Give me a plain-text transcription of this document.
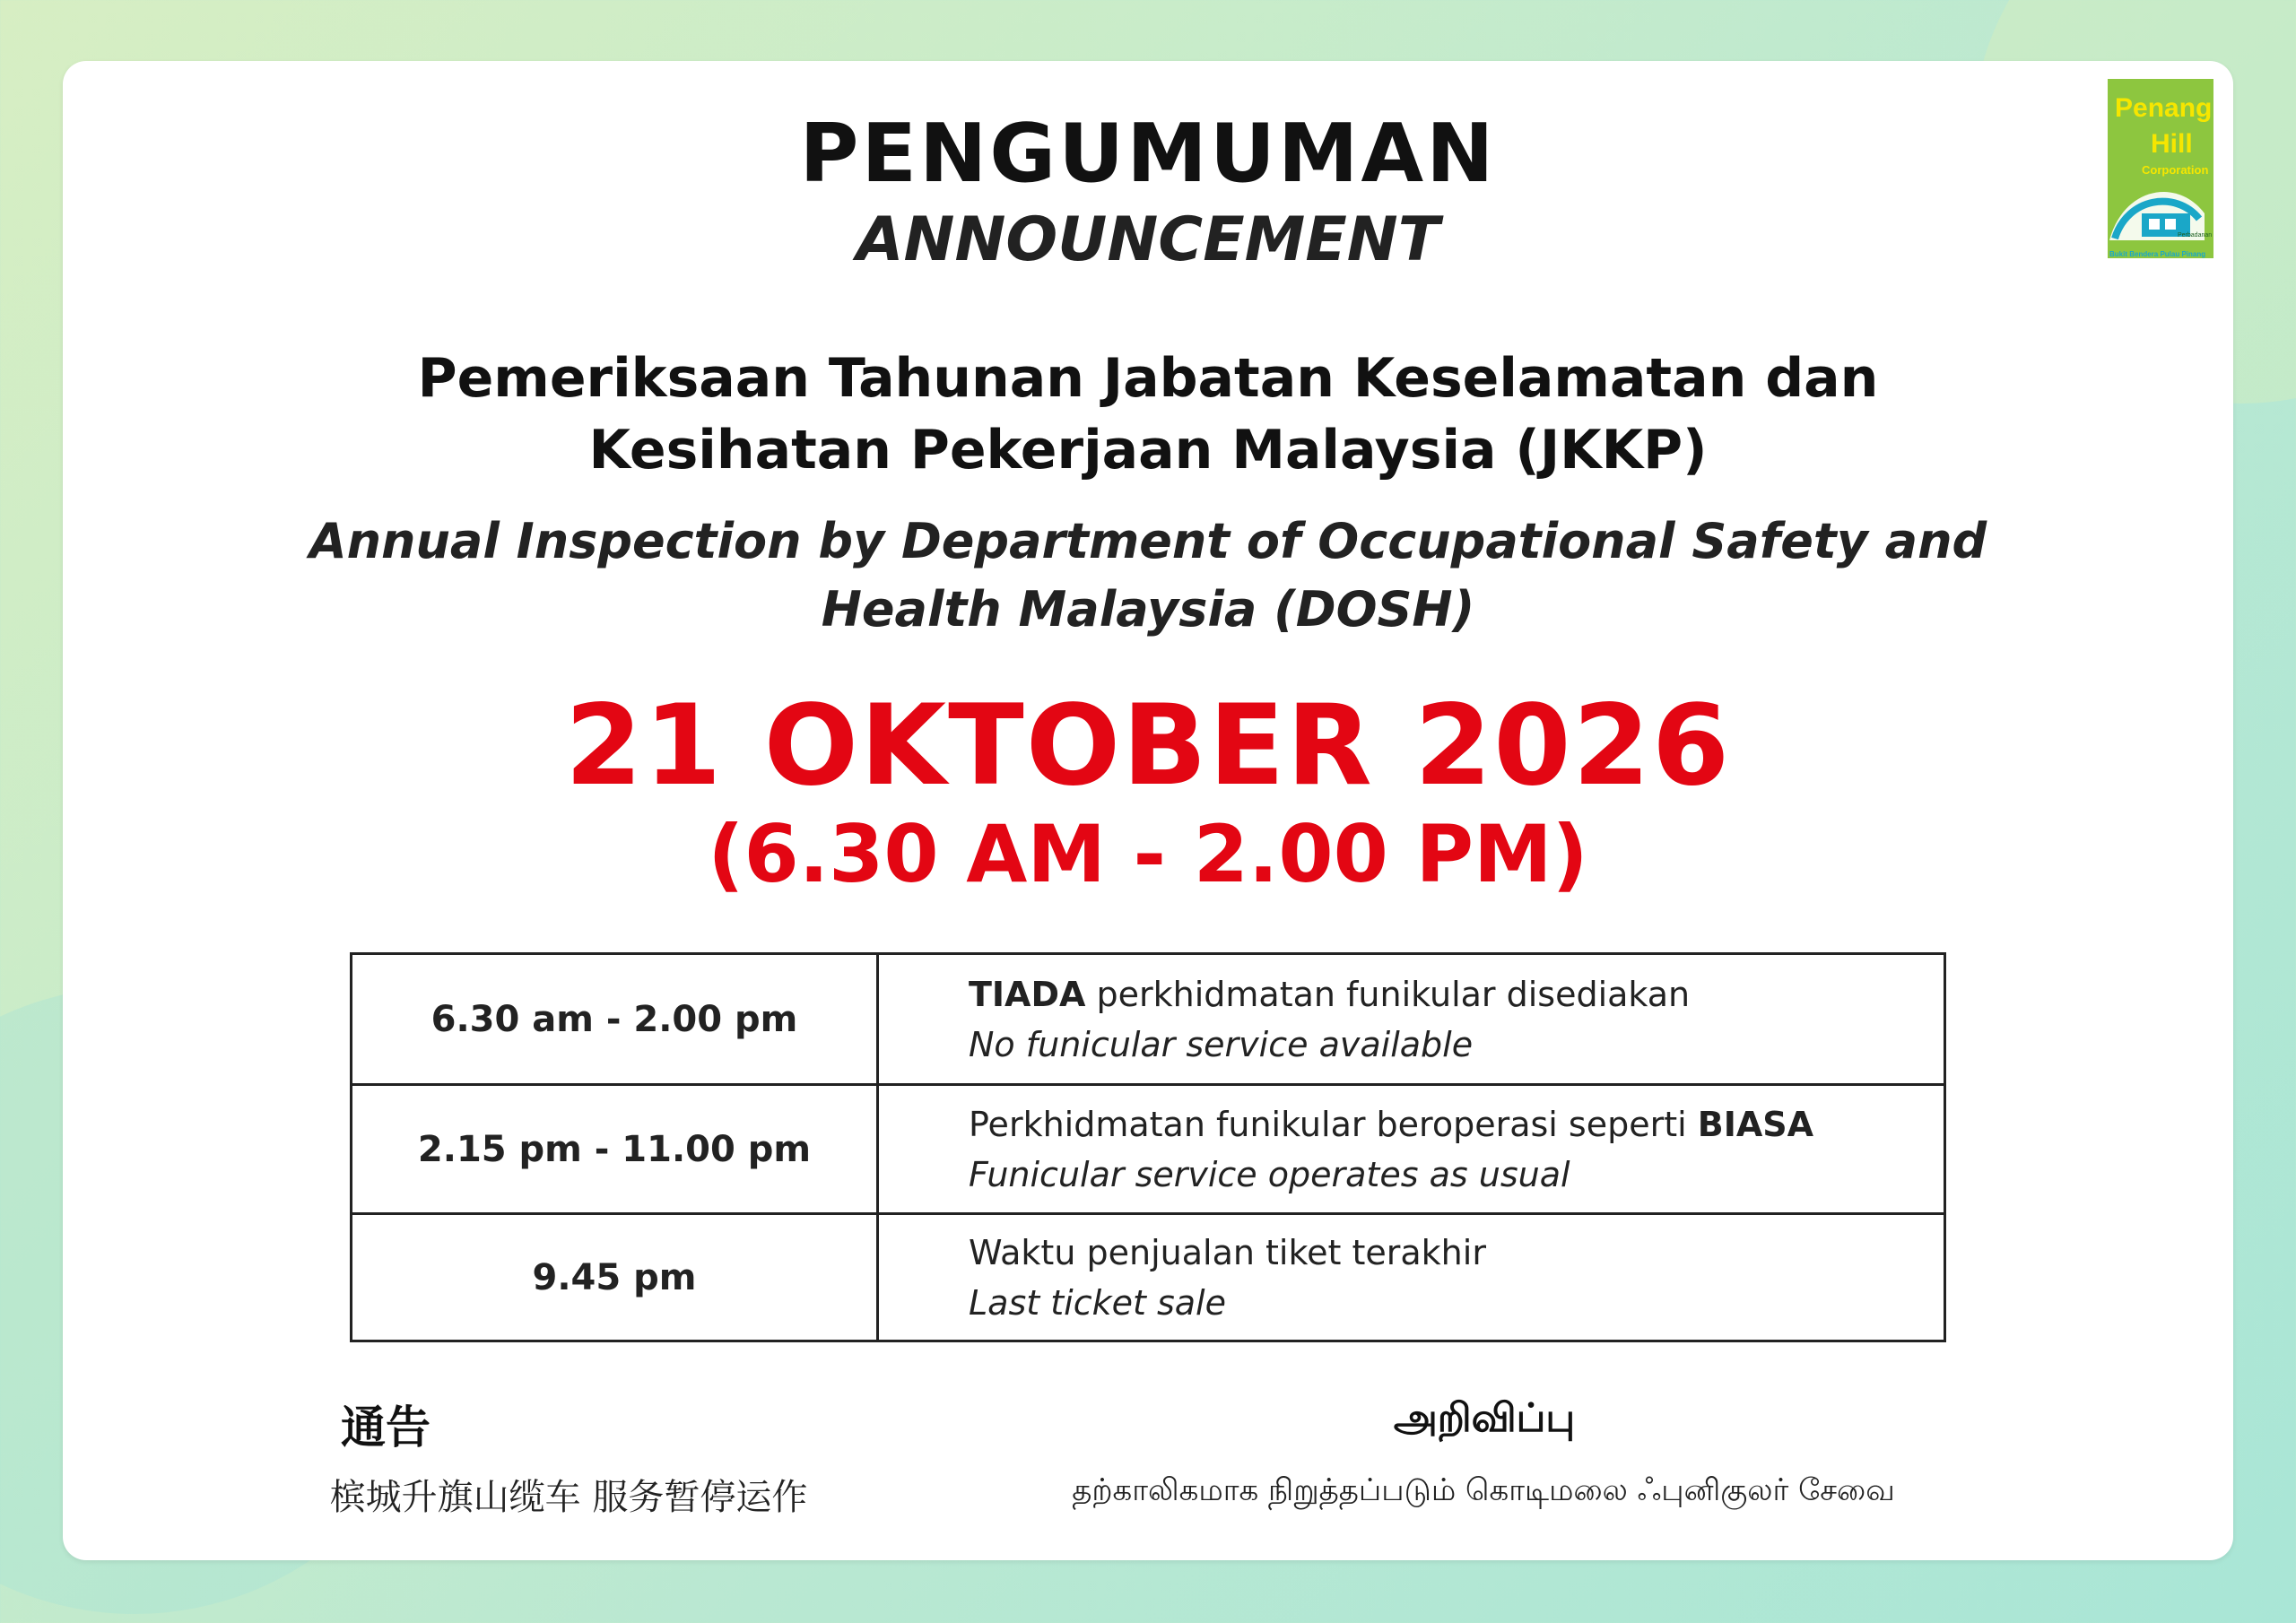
Penang
Hill
Corporation
Perbadanan
Bukit Bendera Pulau Pinang
PENGUMUMAN
ANNOUNCEMENT
Pemeriksaan Tahunan Jabatan Keselamatan dan
Kesihatan Pekerjaan Malaysia (JKKP)
Annual Inspection by Department of Occupational Safety and
Health Malaysia (DOSH)
21 OKTOBER 2026
(6.30 AM - 2.00 PM)
6.30 am - 2.00 pm	TIADA perkhidmatan funikular disediakan
No funicular service available

2.15 pm - 11.00 pm	Perkhidmatan funikular beroperasi seperti BIASA
Funicular service operates as usual

9.45 pm	Waktu penjualan tiket terakhir
Last ticket sale
通告
槟城升旗山缆车 服务暂停运作
அறிவிப்பு
தற்காலிகமாக நிறுத்தப்படும் கொடிமலை ஃபுனிகுலர் சேவை
